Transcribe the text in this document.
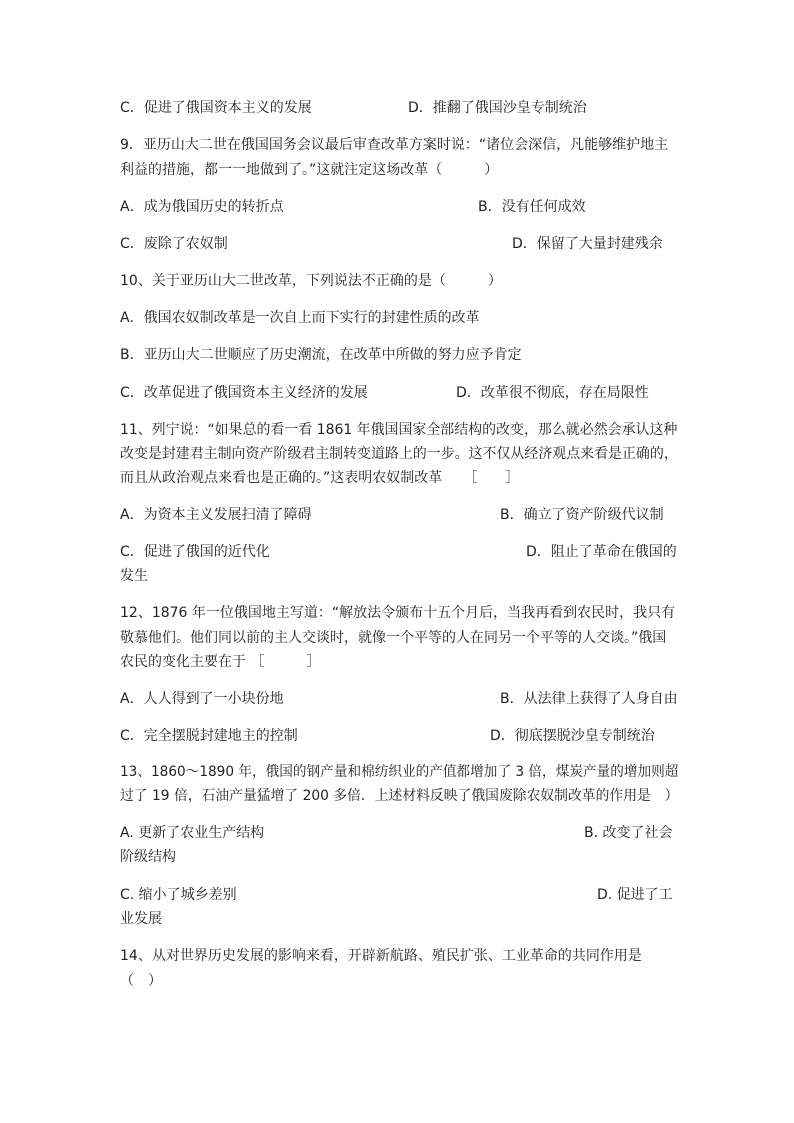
C．促进了俄国资本主义的发展	D．推翻了俄国沙皇专制统治
9．亚历山大二世在俄国国务会议最后审查改革方案时说：“诸位会深信，凡能够维护地主
利益的措施，都一一地做到了。”这就注定这场改革（　　　）
A．成为俄国历史的转折点	B．没有任何成效
C．废除了农奴制	D．保留了大量封建残余
10、关于亚历山大二世改革，下列说法不正确的是（　　　）
A．俄国农奴制改革是一次自上而下实行的封建性质的改革
B．亚历山大二世顺应了历史潮流，在改革中所做的努力应予肯定
C．改革促进了俄国资本主义经济的发展	D．改革很不彻底，存在局限性
11、列宁说：“如果总的看一看 1861 年俄国国家全部结构的改变，那么就必然会承认这种
改变是封建君主制向资产阶级君主制转变道路上的一步。这不仅从经济观点来看是正确的，
而且从政治观点来看也是正确的。”这表明农奴制改革　　［　　］
A．为资本主义发展扫清了障碍	B．确立了资产阶级代议制
C．促进了俄国的近代化	D．阻止了革命在俄国的
发生
12、1876 年一位俄国地主写道：“解放法令颁布十五个月后，当我再看到农民时，我只有
敬慕他们。他们同以前的主人交谈时，就像一个平等的人在同另一个平等的人交谈。”俄国
农民的变化主要在于 ［　　　］
A．人人得到了一小块份地	B．从法律上获得了人身自由
C．完全摆脱封建地主的控制	D．彻底摆脱沙皇专制统治
13、1860～1890 年，俄国的钢产量和棉纺织业的产值都增加了 3 倍，煤炭产量的增加则超
过了 19 倍，石油产量猛增了 200 多倍．上述材料反映了俄国废除农奴制改革的作用是　）
A. 更新了农业生产结构	B. 改变了社会
阶级结构
C. 缩小了城乡差别	D. 促进了工
业发展
14、从对世界历史发展的影响来看，开辟新航路、殖民扩张、工业革命的共同作用是
（　）
